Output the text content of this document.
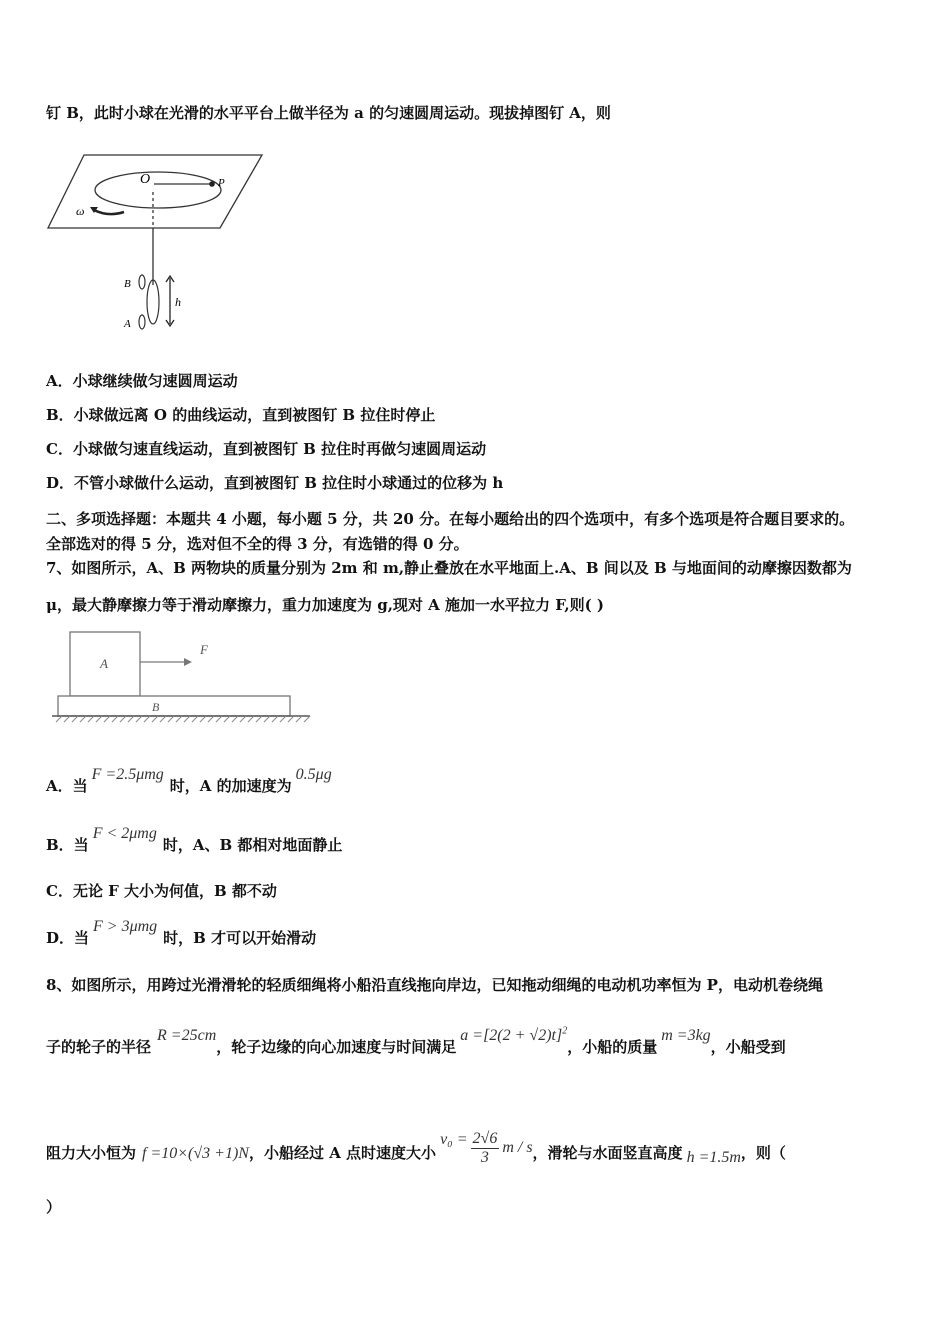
钉 B，此时小球在光滑的水平平台上做半径为 a 的匀速圆周运动。现拔掉图钉 A，则
O	P
ω
B
A
h
A．小球继续做匀速圆周运动
B．小球做远离 O 的曲线运动，直到被图钉 B 拉住时停止
C．小球做匀速直线运动，直到被图钉 B 拉住时再做匀速圆周运动
D．不管小球做什么运动，直到被图钉 B 拉住时小球通过的位移为 h
二、多项选择题：本题共 4 小题，每小题 5 分，共 20 分。在每小题给出的四个选项中，有多个选项是符合题目要求的。
全部选对的得 5 分，选对但不全的得 3 分，有选错的得 0 分。
7、如图所示，A、B 两物块的质量分别为 2m 和 m,静止叠放在水平地面上.A、B 间以及 B 与地面间的动摩擦因数都为
μ，最大静摩擦力等于滑动摩擦力，重力加速度为 g,现对 A 施加一水平拉力 F,则( )
A
F
B
A．当F =2.5μmg时，A 的加速度为0.5μg
B．当F < 2μmg时，A、B 都相对地面静止
C．无论 F 大小为何值，B 都不动
D．当F > 3μmg时，B 才可以开始滑动
8、如图所示，用跨过光滑滑轮的轻质细绳将小船沿直线拖向岸边，已知拖动细绳的电动机功率恒为 P，电动机卷绕绳
子的轮子的半径R =25cm，轮子边缘的向心加速度与时间满足$a =[2(2 + √2)t]^2$，小船的质量m =3kg，小船受到
阻力大小恒为 f =10×(√3 +1)N，小船经过 A 点时速度大小$v_0 = \frac{2√6}{3}$ m / s，滑轮与水面竖直高度 h =1.5m，则（
）
